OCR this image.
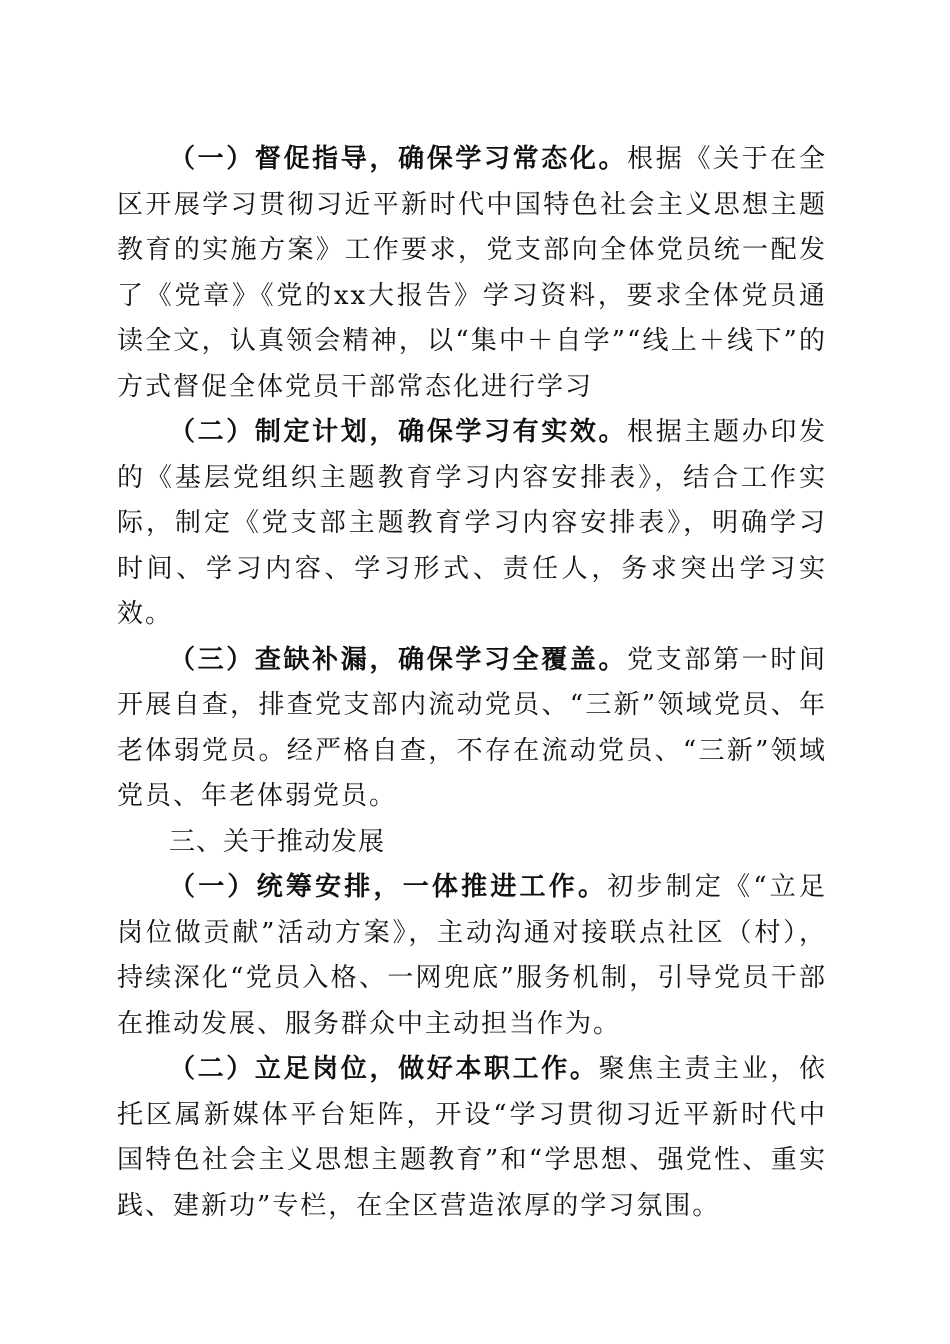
（一）督促指导，确保学习常态化。根据《关于在全区开展学习贯彻习近平新时代中国特色社会主义思想主题教育的实施方案》工作要求，党支部向全体党员统一配发了《党章》《党的xx大报告》学习资料，要求全体党员通读全文，认真领会精神，以“集中＋自学”“线上＋线下”的方式督促全体党员干部常态化进行学习

（二）制定计划，确保学习有实效。根据主题办印发的《基层党组织主题教育学习内容安排表》，结合工作实际，制定《党支部主题教育学习内容安排表》，明确学习时间、学习内容、学习形式、责任人，务求突出学习实效。

（三）查缺补漏，确保学习全覆盖。党支部第一时间开展自查，排查党支部内流动党员、“三新”领域党员、年老体弱党员。经严格自查，不存在流动党员、“三新”领域党员、年老体弱党员。

三、关于推动发展

（一）统筹安排，一体推进工作。初步制定《“立足岗位做贡献”活动方案》，主动沟通对接联点社区（村），持续深化“党员入格、一网兜底”服务机制，引导党员干部在推动发展、服务群众中主动担当作为。

（二）立足岗位，做好本职工作。聚焦主责主业，依托区属新媒体平台矩阵，开设“学习贯彻习近平新时代中国特色社会主义思想主题教育”和“学思想、强党性、重实践、建新功”专栏，在全区营造浓厚的学习氛围。
